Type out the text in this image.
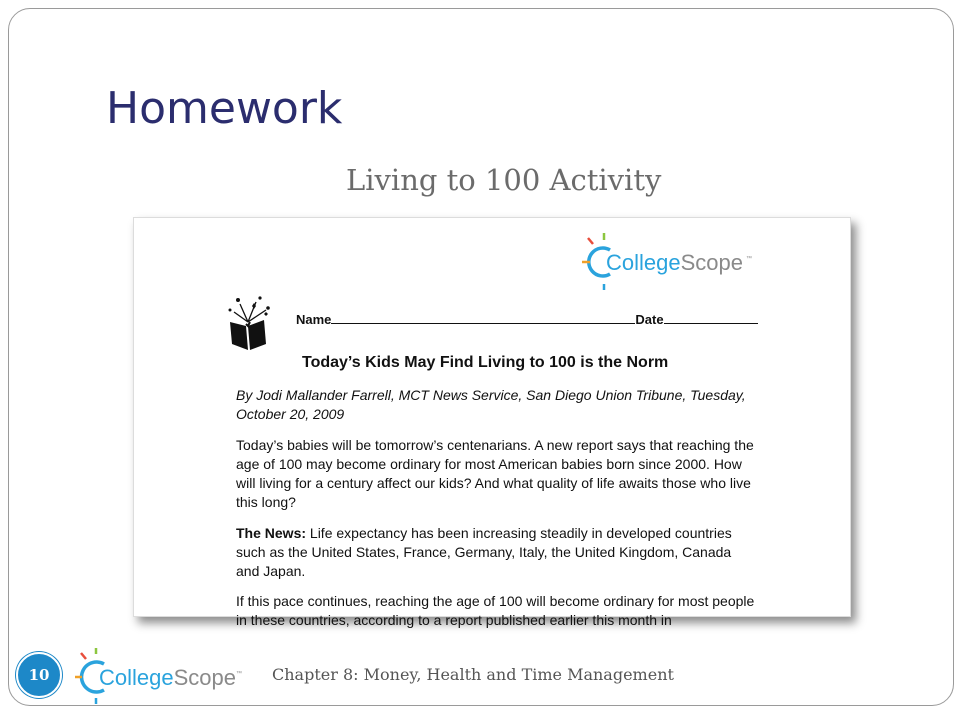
Homework
Living to 100 Activity
CollegeScope ™
Name	Date
Today’s Kids May Find Living to 100 is the Norm
By Jodi Mallander Farrell, MCT News Service, San Diego Union Tribune, Tuesday, October 20, 2009
Today’s babies will be tomorrow’s centenarians. A new report says that reaching the age of 100 may become ordinary for most American babies born since 2000. How will living for a century affect our kids? And what quality of life awaits those who live this long?
The News: Life expectancy has been increasing steadily in developed countries such as the United States, France, Germany, Italy, the United Kingdom, Canada and Japan.
If this pace continues, reaching the age of 100 will become ordinary for most people in these countries, according to a report published earlier this month in
10	CollegeScope ™ Chapter 8: Money, Health and Time Management
